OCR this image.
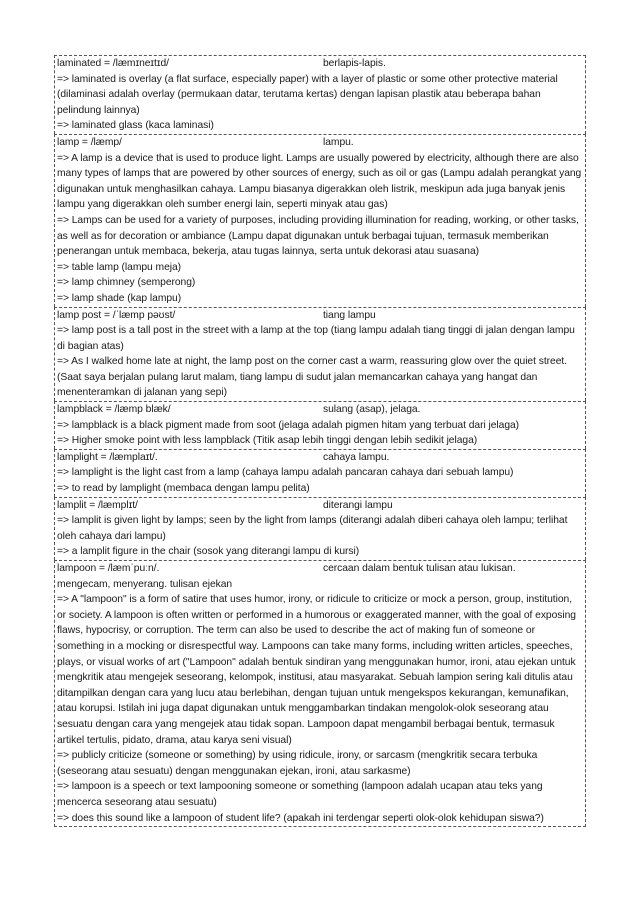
laminated = /læmɪneɪtɪd/	berlapis-lapis.
=> laminated is overlay (a flat surface, especially paper) with a layer of plastic or some other protective material (dilaminasi adalah overlay (permukaan datar, terutama kertas) dengan lapisan plastik atau beberapa bahan pelindung lainnya)
=> laminated glass (kaca laminasi)
lamp = /læmp/	lampu.
=> A lamp is a device that is used to produce light. Lamps are usually powered by electricity, although there are also many types of lamps that are powered by other sources of energy, such as oil or gas (Lampu adalah perangkat yang digunakan untuk menghasilkan cahaya. Lampu biasanya digerakkan oleh listrik, meskipun ada juga banyak jenis lampu yang digerakkan oleh sumber energi lain, seperti minyak atau gas)
=> Lamps can be used for a variety of purposes, including providing illumination for reading, working, or other tasks, as well as for decoration or ambiance (Lampu dapat digunakan untuk berbagai tujuan, termasuk memberikan penerangan untuk membaca, bekerja, atau tugas lainnya, serta untuk dekorasi atau suasana)
=> table lamp (lampu meja)
=> lamp chimney (semperong)
=> lamp shade (kap lampu)
lamp post = /ˈlæmp pəʊst/	tiang lampu
=> lamp post is a tall post in the street with a lamp at the top (tiang lampu adalah tiang tinggi di jalan dengan lampu di bagian atas)
=> As I walked home late at night, the lamp post on the corner cast a warm, reassuring glow over the quiet street. (Saat saya berjalan pulang larut malam, tiang lampu di sudut jalan memancarkan cahaya yang hangat dan menenteramkan di jalanan yang sepi)
lampblack = /læmp blæk/	sulang (asap), jelaga.
=> lampblack is a black pigment made from soot (jelaga adalah pigmen hitam yang terbuat dari jelaga)
=> Higher smoke point with less lampblack (Titik asap lebih tinggi dengan lebih sedikit jelaga)
lamplight = /læmplaɪt/.	cahaya lampu.
=> lamplight is the light cast from a lamp (cahaya lampu adalah pancaran cahaya dari sebuah lampu)
=> to read by lamplight (membaca dengan lampu pelita)
lamplit = /læmplɪt/	diterangi lampu
=> lamplit is given light by lamps; seen by the light from lamps (diterangi adalah diberi cahaya oleh lampu; terlihat oleh cahaya dari lampu)
=> a lamplit figure in the chair (sosok yang diterangi lampu di kursi)
lampoon = /læmˈpuːn/.	cercaan dalam bentuk tulisan atau lukisan.
mengecam, menyerang. tulisan ejekan
=> A "lampoon" is a form of satire that uses humor, irony, or ridicule to criticize or mock a person, group, institution, or society. A lampoon is often written or performed in a humorous or exaggerated manner, with the goal of exposing flaws, hypocrisy, or corruption. The term can also be used to describe the act of making fun of someone or something in a mocking or disrespectful way. Lampoons can take many forms, including written articles, speeches, plays, or visual works of art ("Lampoon" adalah bentuk sindiran yang menggunakan humor, ironi, atau ejekan untuk mengkritik atau mengejek seseorang, kelompok, institusi, atau masyarakat. Sebuah lampion sering kali ditulis atau ditampilkan dengan cara yang lucu atau berlebihan, dengan tujuan untuk mengekspos kekurangan, kemunafikan, atau korupsi. Istilah ini juga dapat digunakan untuk menggambarkan tindakan mengolok-olok seseorang atau sesuatu dengan cara yang mengejek atau tidak sopan. Lampoon dapat mengambil berbagai bentuk, termasuk artikel tertulis, pidato, drama, atau karya seni visual)
=> publicly criticize (someone or something) by using ridicule, irony, or sarcasm (mengkritik secara terbuka (seseorang atau sesuatu) dengan menggunakan ejekan, ironi, atau sarkasme)
=> lampoon is a speech or text lampooning someone or something (lampoon adalah ucapan atau teks yang mencerca seseorang atau sesuatu)
=> does this sound like a lampoon of student life? (apakah ini terdengar seperti olok-olok kehidupan siswa?)
